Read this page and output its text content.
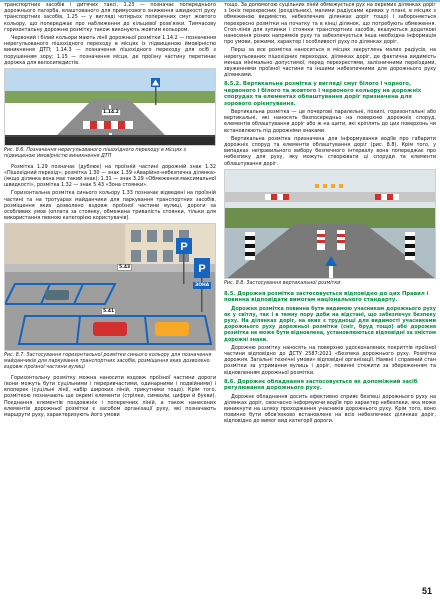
транспортних засобів і дитячих таксі, 1.23 — позначає попереднього дорожнього пагорба, влаштованого для примусового зниження швидкості руху транспортних засобів, 1.25 — у вигляді чотирьох поперечних смуг жовтого кольору, що попереджає про наближення до кільцевої розв'язки. Тимчасову горизонтальну дорожню розмітку також виконують жовтим кольором.

Червоний і білий кольори мають лінії дорожньої розмітки 1.14.2 — позначення нерегульованого пішохідного переходу в місцях із підвищеною ймовірністю виникнення ДТП; 1.14.3 — позначення пішохідного переходу для осіб з порушенням зору; 1.15 — позначення місця, де проїзну частину перетинає доріжка для велосипедистів.

1.14.2

Рис. 8.6. Позначення нерегульованого пішохідного переходу в місцях з підвищеною ймовірністю виникнення ДТП

Розмітка 1.29 позначає (дублює) на проїзній частині дорожній знак 1.32 «Пішохідний перехід»; розмітка 1.30 — знак 1.39 «Аварійно-небезпечна ділянка» (якщо ділянка вона має такий знак); 1.31 — знак 3.29 «Обмеження максимальної швидкості», розмітка 1.32 — знак 5.43 «Зона стоянки».

Горизонтальна розмітка синього кольору 1.33 позначає відведені на проїзній частині та на тротуарах майданчики для паркування транспортних засобів, розміщення яких дозволено вздовж проїзної частини вулиці, дороги за особливих умов (оплата за стоянку, обмежена тривалість стоянки, тільки для використання певною категорією користувачів).

P
P
5.43
5.41
ЗОНА

Рис. 8.7. Застосування горизонтальної розмітки синього кольору для позначення майданчиків для паркування транспортних засобів, розміщення яких дозволено вздовж проїзної частини вулиці

Горизонтальну розмітку можна наносити вздовж проїзної частини дороги (вони можуть бути суцільними і переривчастими, одинарними і подвійними) і впоперек (суцільні лінії, набір широких ліній, трикутники тощо). Крім того, розміткою позначають ще окремі елементи (стрілки, символи, цифри й букви). Поєднання елементів поздовжніх і поперечних ліній, а також нанесених елементів дорожньої розмітки є засобом організації руху, які позначають маршрути руху, характеризують його умови

тощо. За допомогою суцільних ліній обмежується рух на окремих ділянках доріг з їхніх перехресних (роздільних), малими радіусами кривих у плані, в місцях з обмеженою видимістю, небезпечних ділянках доріг тощо) і забороняється перехресно розмітки на початку та в кінці ділянок, що потребують обмеження. Стоп-лінія для зупинки і стоянки транспортних засобів, вказуються додаткові нанесення різних напрямків руху та забезпечується інша необхідна інформація про умови, режими, характер і особливості руху по ділянках доріг.

Перш за все розмітка наноситься в місцях закруглень малих радіусів, на нерегульованих пішохідних переходах, ділянках доріг, де фактична видимість менша мінімально допустимої, перед перехрестями, залізничними переїздами, звуженнями проїзної частини та іншими небезпечними для дорожнього руху ділянками.

8.5.2. Вертикальна розмітка у вигляді смуг білого і чорного, червоного і білого та жовтого і червоного кольору на дорожніх спорудах та елементах облаштування доріг призначена для зорового орієнтування.

Вертикальна розмітка — це почергові паралельні, похилі, горизонтальні або вертикальні, які наносять безпосередньо на поверхню дорожніх споруд, елементів облаштування доріг або ж на щити, які кріплять до цих поверхонь чи встановлюють під дорожніми знаками.

Вертикальна розмітка призначена для інформування водіїв про габарити дорожніх споруд та елементів облаштування доріг (рис. 8.8). Крім того, у випадках неправильного вибору безпечного інтервалу вона попереджає про небезпеку для руху, яку можуть створювати ці споруди та елементи облаштування доріг.

Рис. 8.8. Застосування вертикальної розмітки

8.5. Дорожня розмітка застосовується відповідно до цих Правил і повинна відповідати вимогам національного стандарту.

Дорожня розмітка повинна бути видимою учасникам дорожнього руху як у світлу, так і в темну пору доби на відстані, що забезпечує безпеку руху. На ділянках доріг, на яких є труднощі для видимості учасниками дорожнього руху дорожньої розмітки (сніг, бруд тощо) або дорожня розмітка не може бути відновлена, установлюються відповідні за змістом дорожні знаки.

Дорожню розмітку наносять на поверхню удосконалених покриттів проїзної частини відповідно до ДСТУ 2587:2021 «Безпека дорожнього руху. Розмітка дорожня. Загальні технічні умови» відповідні організації. Наявні і справний стан розмітки за утримання вулиць і доріг, повинні стежити за збереженням та відновленням дорожньої розмітки.

8.6. Дорожнє обладнання застосовується як допоміжний засіб регулювання дорожнього руху.

Дорожнє обладнання досить ефективно сприяє безпеці дорожнього руху на ділянках доріг, своєчасно інформуючи водіїв про характер небезпеки, яка може виникнути на шляху проходження учасників дорожнього руху. Крім того, воно повинно бути обов'язково встановлене на всіх небезпечних ділянках доріг, відповідно до вимог вид категорії дороги.

51
